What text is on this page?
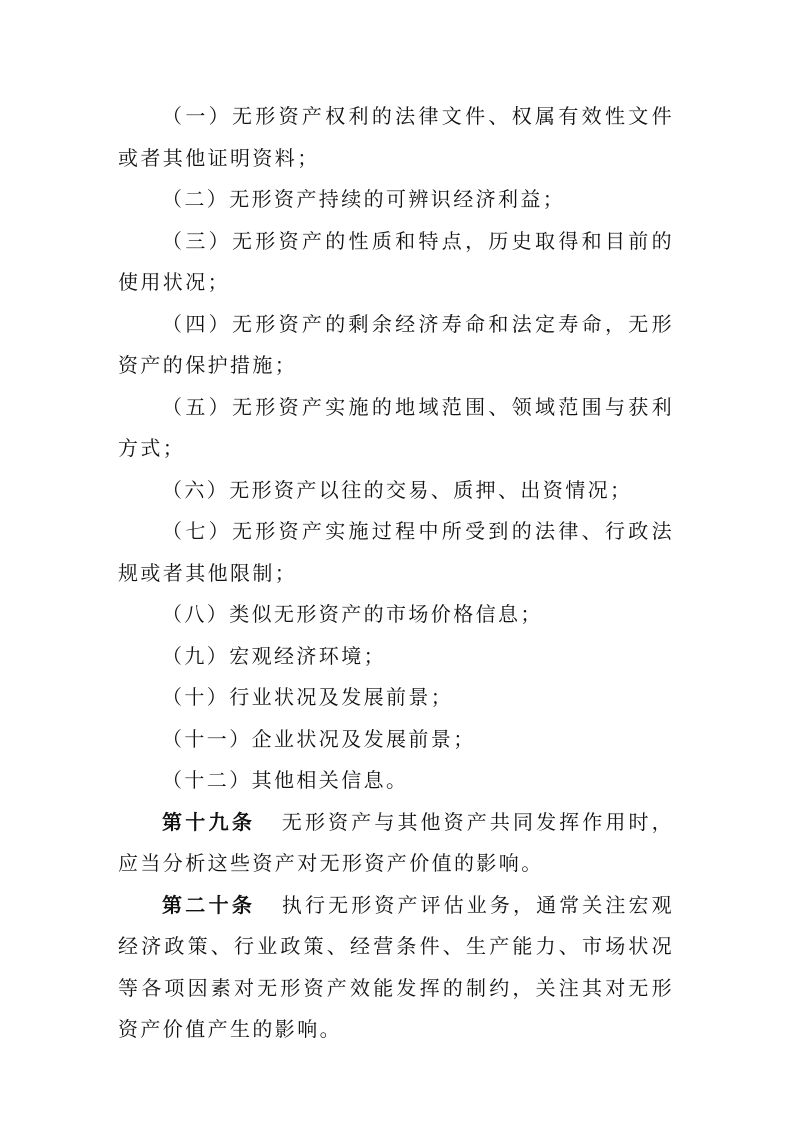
（一）无形资产权利的法律文件、权属有效性文件或者其他证明资料；

（二）无形资产持续的可辨识经济利益；

（三）无形资产的性质和特点，历史取得和目前的使用状况；

（四）无形资产的剩余经济寿命和法定寿命，无形资产的保护措施；

（五）无形资产实施的地域范围、领域范围与获利方式；

（六）无形资产以往的交易、质押、出资情况；

（七）无形资产实施过程中所受到的法律、行政法规或者其他限制；

（八）类似无形资产的市场价格信息；

（九）宏观经济环境；

（十）行业状况及发展前景；

（十一）企业状况及发展前景；

（十二）其他相关信息。

第十九条 无形资产与其他资产共同发挥作用时，应当分析这些资产对无形资产价值的影响。

第二十条 执行无形资产评估业务，通常关注宏观经济政策、行业政策、经营条件、生产能力、市场状况等各项因素对无形资产效能发挥的制约，关注其对无形资产价值产生的影响。
